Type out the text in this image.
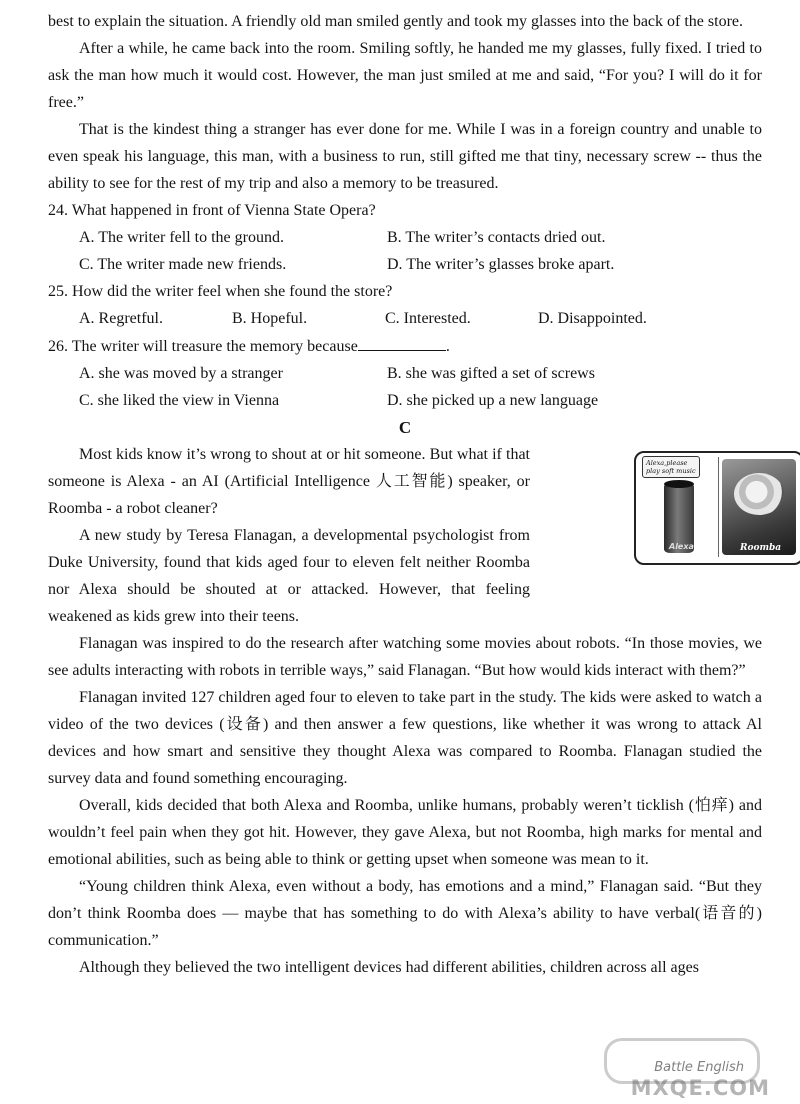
best to explain the situation. A friendly old man smiled gently and took my glasses into the back of the store.

After a while, he came back into the room. Smiling softly, he handed me my glasses, fully fixed. I tried to ask the man how much it would cost. However, the man just smiled at me and said, “For you? I will do it for free.”

That is the kindest thing a stranger has ever done for me. While I was in a foreign country and unable to even speak his language, this man, with a business to run, still gifted me that tiny, necessary screw -- thus the ability to see for the rest of my trip and also a memory to be treasured.

24. What happened in front of Vienna State Opera?

A. The writer fell to the ground.	B. The writer’s contacts dried out.
C. The writer made new friends.	D. The writer’s glasses broke apart.

25. How did the writer feel when she found the store?

A. Regretful.	B. Hopeful.	C. Interested.	D. Disappointed.

26. The writer will treasure the memory because	.

A. she was moved by a stranger	B. she was gifted a set of screws
C. she liked the view in Vienna	D. she picked up a new language

C

Most kids know it’s wrong to shout at or hit someone. But what if that someone is Alexa - an AI (Artificial Intelligence 人工智能) speaker, or Roomba - a robot cleaner?

A new study by Teresa Flanagan, a developmental psychologist from Duke University, found that kids aged four to eleven felt neither Roomba nor Alexa should be shouted at or attacked. However, that feeling weakened as kids grew into their teens.

Alexa,please play soft music
Alexa	Roomba

Flanagan was inspired to do the research after watching some movies about robots. “In those movies, we see adults interacting with robots in terrible ways,” said Flanagan. “But how would kids interact with them?”

Flanagan invited 127 children aged four to eleven to take part in the study. The kids were asked to watch a video of the two devices (设备) and then answer a few questions, like whether it was wrong to attack Al devices and how smart and sensitive they thought Alexa was compared to Roomba. Flanagan studied the survey data and found something encouraging.

Overall, kids decided that both Alexa and Roomba, unlike humans, probably weren’t ticklish (怕痒) and wouldn’t feel pain when they got hit. However, they gave Alexa, but not Roomba, high marks for mental and emotional abilities, such as being able to think or getting upset when someone was mean to it.

“Young children think Alexa, even without a body, has emotions and a mind,” Flanagan said. “But they don’t think Roomba does — maybe that has something to do with Alexa’s ability to have verbal(语音的) communication.”

Although they believed the two intelligent devices had different abilities, children across all ages

Battle English
MXQE.COM
